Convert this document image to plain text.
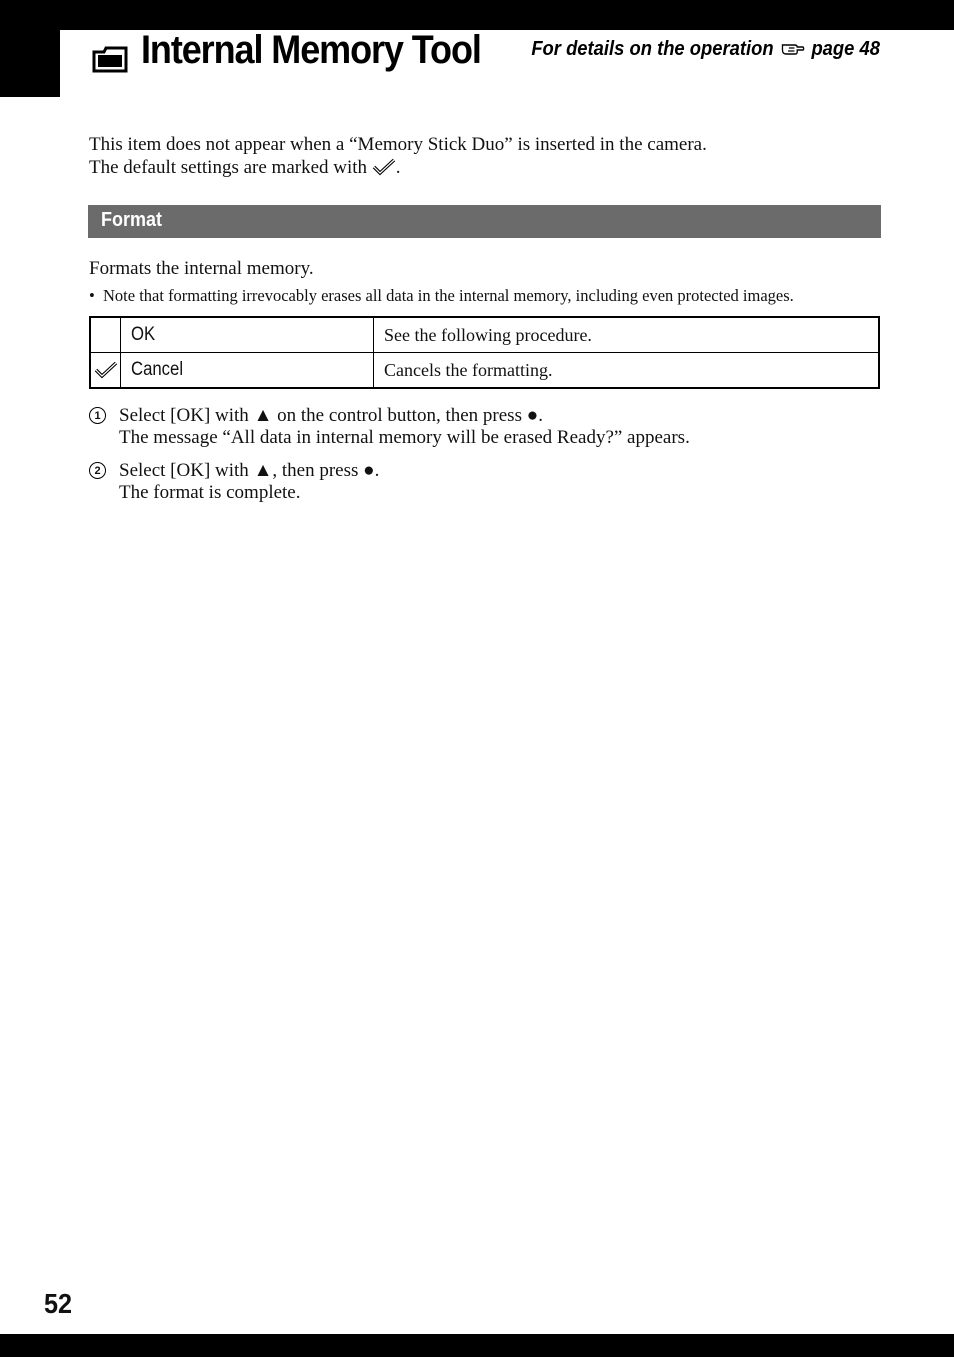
Internal Memory Tool	For details on the operation page 48
This item does not appear when a “Memory Stick Duo” is inserted in the camera.
The default settings are marked with .
Format
Formats the internal memory.
• Note that formatting irrevocably erases all data in the internal memory, including even protected images.
	OK	See the following procedure.

	Cancel	Cancels the formatting.
1 Select [OK] with ▲ on the control button, then press ●.
The message “All data in internal memory will be erased Ready?” appears.
2 Select [OK] with ▲, then press ●.
The format is complete.
52
